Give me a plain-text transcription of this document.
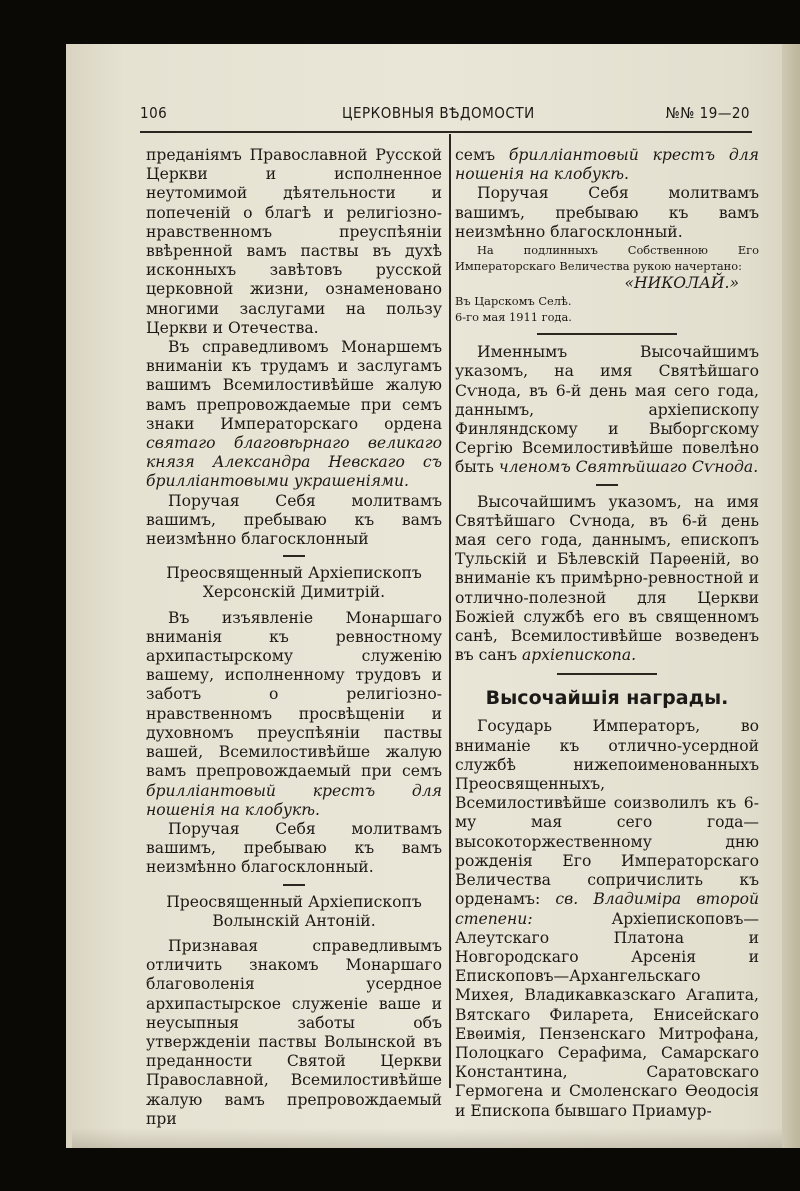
106	ЦЕРКОВНЫЯ ВѢДОМОСТИ	№№ 19—20

преданіямъ Православной Русской Церкви и исполненное неутомимой дѣятельности и попеченій о благѣ и религіозно-нравственномъ преуспѣяніи ввѣренной вамъ паствы въ духѣ исконныхъ завѣтовъ русской церковной жизни, ознаменовано многими заслугами на пользу Церкви и Отечества.

Въ справедливомъ Монаршемъ вниманіи къ трудамъ и заслугамъ вашимъ Всемилостивѣйше жалую вамъ препровождаемые при семъ знаки Императорскаго ордена святаго благовѣрнаго великаго князя Александра Невскаго съ брилліантовыми украшеніями.

Поручая Себя молитвамъ вашимъ, пребываю къ вамъ неизмѣнно благосклонный

Преосвященный Архіепископъ

Херсонскій Димитрій.

Въ изъявленіе Монаршаго вниманія къ ревностному архипастырскому служенію вашему, исполненному трудовъ и заботъ о религіозно-нравственномъ просвѣщеніи и духовномъ преуспѣяніи паствы вашей, Всемилостивѣйше жалую вамъ препровождаемый при семъ брилліантовый крестъ для ношенія на клобукѣ.

Поручая Себя молитвамъ вашимъ, пребываю къ вамъ неизмѣнно благосклонный.

Преосвященный Архіепископъ

Волынскій Антоній.

Признавая справедливымъ отличить знакомъ Монаршаго благоволенія усердное архипастырское служеніе ваше и неусыпныя заботы объ утвержденіи паствы Волынской въ преданности Святой Церкви Православной, Всемилостивѣйше жалую вамъ препровождаемый при

семъ брилліантовый крестъ для ношенія на клобукѣ.

Поручая Себя молитвамъ вашимъ, пребываю къ вамъ неизмѣнно благосклонный.

На подлинныхъ Собственною Его Императорскаго Величества рукою начертано:

«НИКОЛАЙ.»

Въ Царскомъ Селѣ.

6-го мая 1911 года.

Именнымъ Высочайшимъ указомъ, на имя Святѣйшаго Сѵнода, въ 6-й день мая сего года, даннымъ, архіепископу Финляндскому и Выборгскому Сергію Всемилостивѣйше повелѣно быть членомъ Святѣйшаго Сѵнода.

Высочайшимъ указомъ, на имя Святѣйшаго Сѵнода, въ 6-й день мая сего года, даннымъ, епископъ Тульскій и Бѣлевскій Парѳеній, во вниманіе къ примѣрно-ревностной и отлично-полезной для Церкви Божіей службѣ его въ священномъ санѣ, Всемилостивѣйше возведенъ въ санъ архіепископа.

Высочайшія награды.

Государь Императоръ, во вниманіе къ отлично-усердной службѣ нижепоименованныхъ Преосвященныхъ, Всемилостивѣйше соизволилъ къ 6-му мая сего года—высокоторжественному дню рожденія Его Императорскаго Величества сопричислить къ орденамъ: св. Владиміра второй степени: Архіепископовъ—Алеутскаго Платона и Новгородскаго Арсенія и Епископовъ—Архангельскаго Михея, Владикавказскаго Агапита, Вятскаго Филарета, Енисейскаго Евѳимія, Пензенскаго Митрофана, Полоцкаго Серафима, Самарскаго Константина, Саратовскаго Гермогена и Смоленскаго Ѳеодосія и Епископа бывшаго Приамур-
